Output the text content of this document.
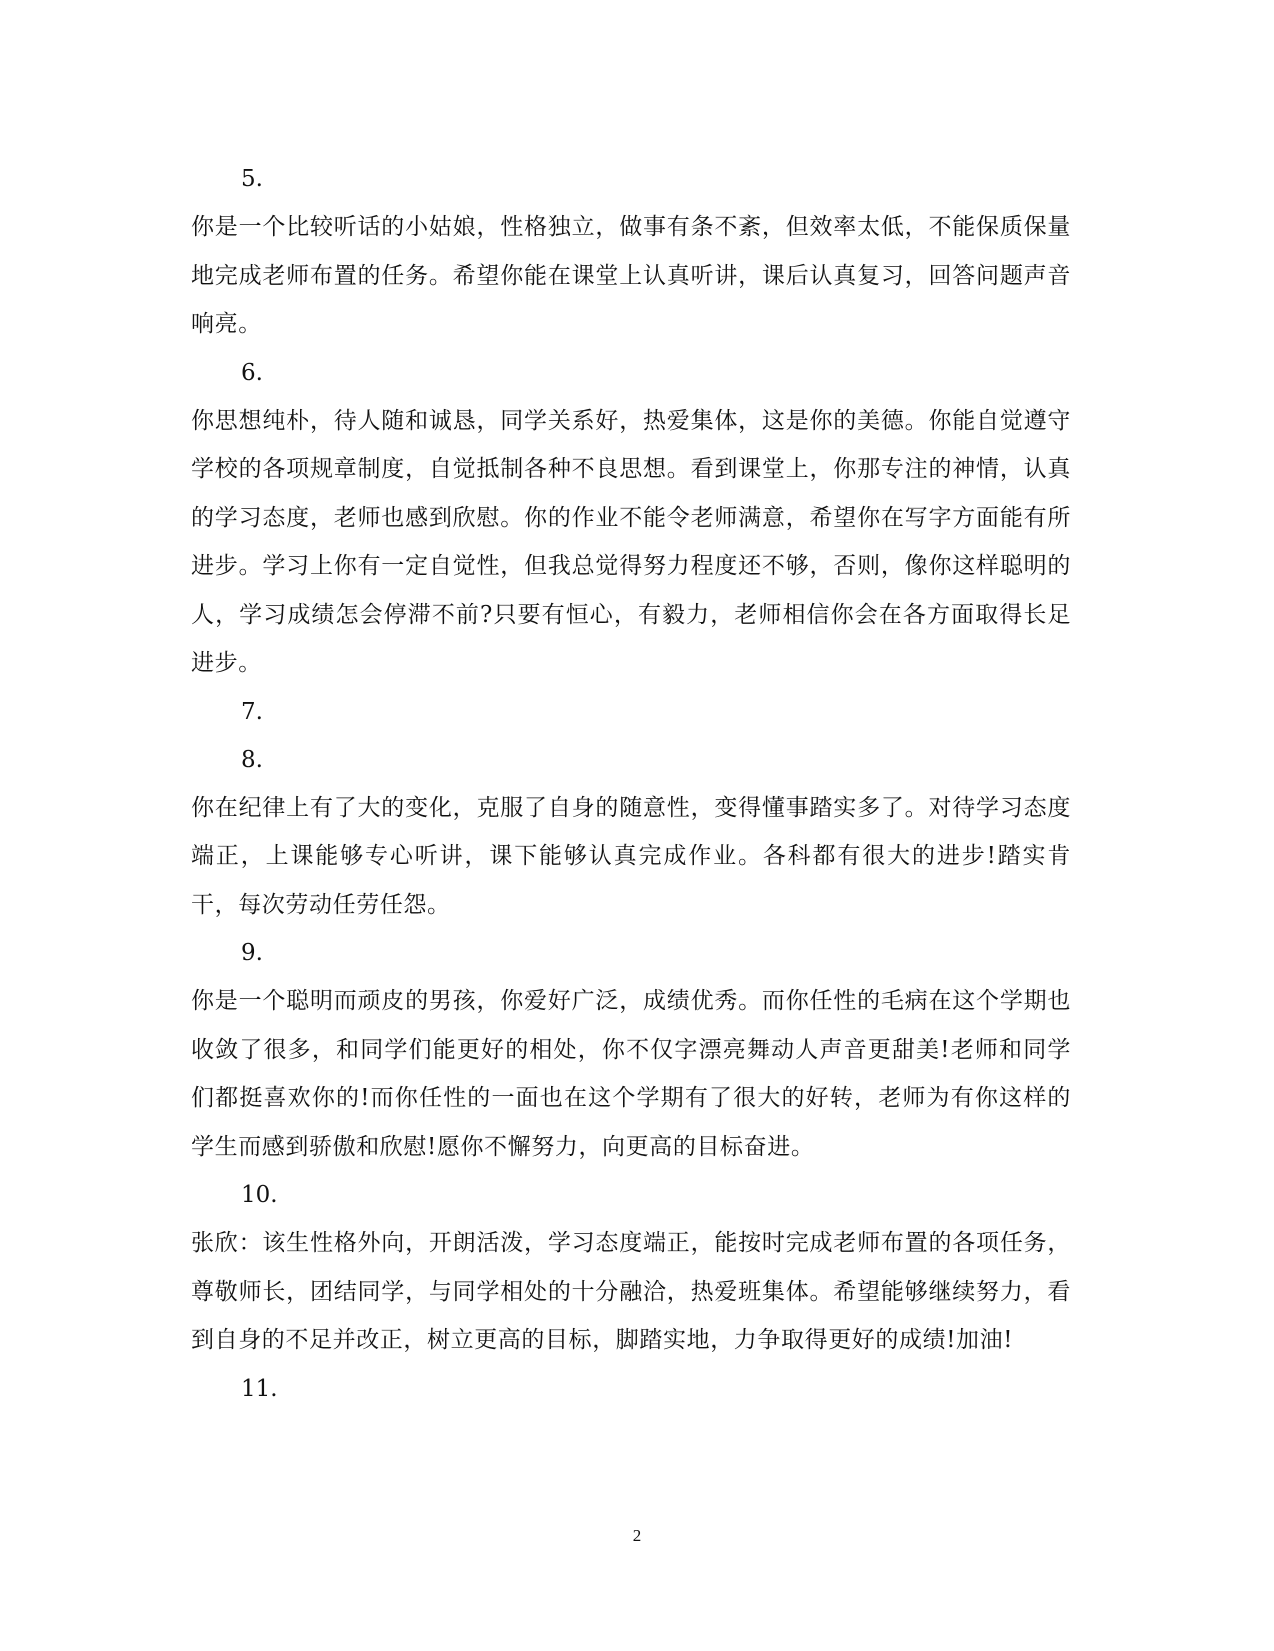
5.
你是一个比较听话的小姑娘，性格独立，做事有条不紊，但效率太低，不能保质保量地完成老师布置的任务。希望你能在课堂上认真听讲，课后认真复习，回答问题声音响亮。
6.
你思想纯朴，待人随和诚恳，同学关系好，热爱集体，这是你的美德。你能自觉遵守学校的各项规章制度，自觉抵制各种不良思想。看到课堂上，你那专注的神情，认真的学习态度，老师也感到欣慰。你的作业不能令老师满意，希望你在写字方面能有所进步。学习上你有一定自觉性，但我总觉得努力程度还不够，否则，像你这样聪明的人，学习成绩怎会停滞不前?只要有恒心，有毅力，老师相信你会在各方面取得长足进步。
7.
8.
你在纪律上有了大的变化，克服了自身的随意性，变得懂事踏实多了。对待学习态度端正，上课能够专心听讲，课下能够认真完成作业。各科都有很大的进步!踏实肯干，每次劳动任劳任怨。
9.
你是一个聪明而顽皮的男孩，你爱好广泛，成绩优秀。而你任性的毛病在这个学期也收敛了很多，和同学们能更好的相处，你不仅字漂亮舞动人声音更甜美!老师和同学们都挺喜欢你的!而你任性的一面也在这个学期有了很大的好转，老师为有你这样的学生而感到骄傲和欣慰!愿你不懈努力，向更高的目标奋进。
10.
张欣：该生性格外向，开朗活泼，学习态度端正，能按时完成老师布置的各项任务，尊敬师长，团结同学，与同学相处的十分融洽，热爱班集体。希望能够继续努力，看到自身的不足并改正，树立更高的目标，脚踏实地，力争取得更好的成绩!加油!
11.
2
